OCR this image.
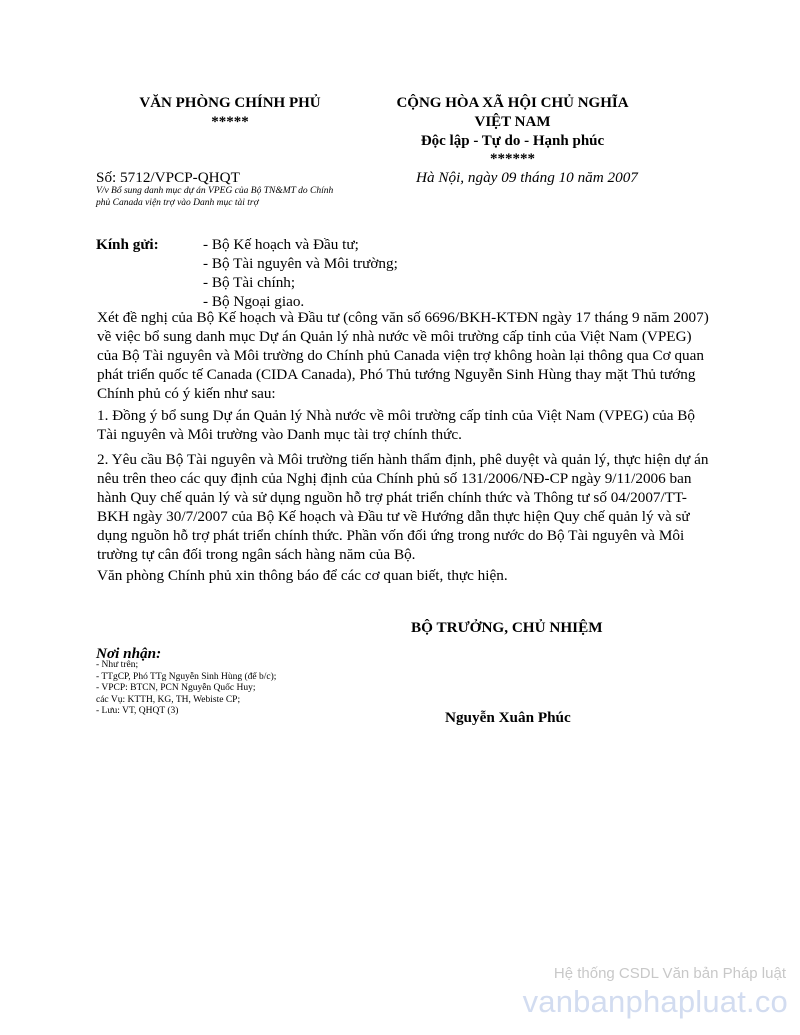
VĂN PHÒNG CHÍNH PHỦ
*****
CỘNG HÒA XÃ HỘI CHỦ NGHĨA
VIỆT NAM
Độc lập - Tự do - Hạnh phúc
******
Số: 5712/VPCP-QHQT
V/v Bổ sung danh mục dự án VPEG của Bộ TN&MT do Chính
phủ Canada viện trợ vào Danh mục tài trợ
Hà Nội, ngày 09 tháng 10 năm 2007
Kính gửi:	- Bộ Kế hoạch và Đầu tư;
- Bộ Tài nguyên và Môi trường;
- Bộ Tài chính;
- Bộ Ngoại giao.

Xét đề nghị của Bộ Kế hoạch và Đầu tư (công văn số 6696/BKH-KTĐN ngày 17 tháng 9 năm 2007) về việc bổ sung danh mục Dự án Quản lý nhà nước về môi trường cấp tỉnh của Việt Nam (VPEG) của Bộ Tài nguyên và Môi trường do Chính phủ Canada viện trợ không hoàn lại thông qua Cơ quan phát triển quốc tế Canada (CIDA Canada), Phó Thủ tướng Nguyễn Sinh Hùng thay mặt Thủ tướng Chính phủ có ý kiến như sau:

1. Đồng ý bổ sung Dự án Quản lý Nhà nước về môi trường cấp tỉnh của Việt Nam (VPEG) của Bộ Tài nguyên và Môi trường vào Danh mục tài trợ chính thức.

2. Yêu cầu Bộ Tài nguyên và Môi trường tiến hành thẩm định, phê duyệt và quản lý, thực hiện dự án nêu trên theo các quy định của Nghị định của Chính phủ số 131/2006/NĐ-CP ngày 9/11/2006 ban hành Quy chế quản lý và sử dụng nguồn hỗ trợ phát triển chính thức và Thông tư số 04/2007/TT-BKH ngày 30/7/2007 của Bộ Kế hoạch và Đầu tư về Hướng dẫn thực hiện Quy chế quản lý và sử dụng nguồn hỗ trợ phát triển chính thức. Phần vốn đối ứng trong nước do Bộ Tài nguyên và Môi trường tự cân đối trong ngân sách hàng năm của Bộ.

Văn phòng Chính phủ xin thông báo để các cơ quan biết, thực hiện.

BỘ TRƯỞNG, CHỦ NHIỆM
Nguyễn Xuân Phúc
Nơi nhận:
- Như trên;
- TTgCP, Phó TTg Nguyễn Sinh Hùng (để b/c);
- VPCP: BTCN, PCN Nguyễn Quốc Huy;
các Vụ: KTTH, KG, TH, Webiste CP;
- Lưu: VT, QHQT (3)
Hệ thống CSDL Văn bản Pháp luật
vanbanphapluat.co
